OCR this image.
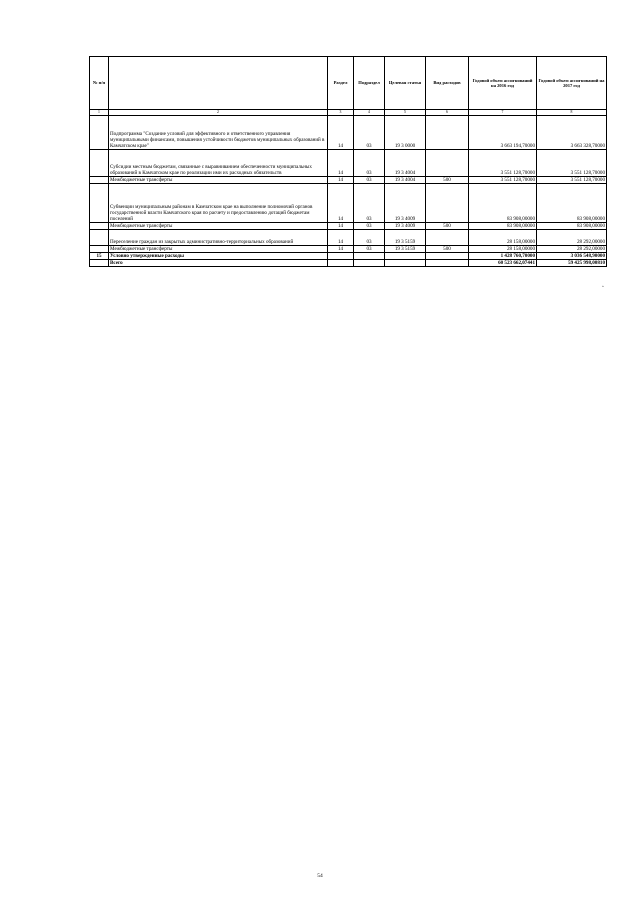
№ п/п		Раздел	Подраздел	Целевая статья	Вид расходов	Годовой объем ассигнований на 2016 год	Годовой объем ассигнований на 2017 год
1	2	3	4	5	6	7	8
	Подпрограмма "Создание условий для эффективного и ответственного управления муниципальными финансами, повышения устойчивости бюджетов муниципальных образований в Камчатском крае"	14	03	19 3 0000		3 663 194,70000	3 663 328,70000
	Субсидии местным бюджетам, связанные с выравниванием обеспеченности муниципальных образований в Камчатском крае по реализации ими их расходных обязательств	14	03	19 3 4004		3 551 128,70000	3 551 128,70000
	Межбюджетные трансферты	14	03	19 3 4004	500	3 551 128,70000	3 551 128,70000
	Субвенции муниципальным районам в Камчатском крае на выполнение полномочий органов государственной власти Камчатского края по расчету и предоставлению дотаций бюджетам поселений	14	03	19 3 4009		83 908,00000	83 908,00000
	Межбюджетные трансферты	14	03	19 3 4009	500	83 908,00000	83 908,00000
	Переселение граждан из закрытых административно-территориальных образований	14	03	19 3 5159		28 158,00000	28 292,00000
	Межбюджетные трансферты	14	03	19 3 5159	500	28 158,00000	28 292,00000
15	Условно утвержденные расходы					1 428 760,70000	3 036 548,90000
	Всего					60 523 662,07441	59 425 998,00810
»
54
